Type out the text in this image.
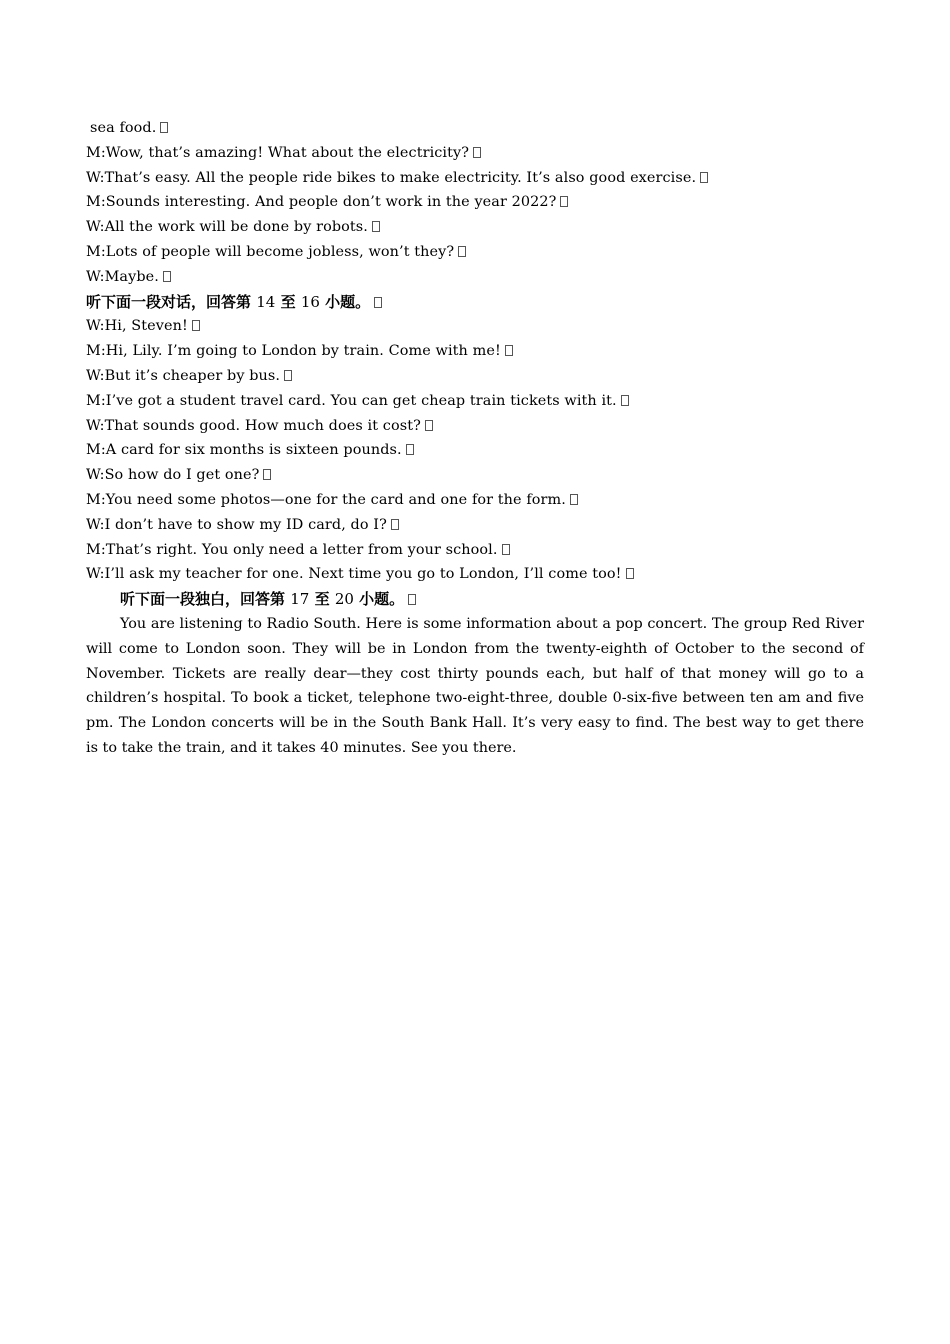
sea food.
M:Wow, that’s amazing! What about the electricity?
W:That’s easy. All the people ride bikes to make electricity. It’s also good exercise.
M:Sounds interesting. And people don’t work in the year 2022?
W:All the work will be done by robots.
M:Lots of people will become jobless, won’t they?
W:Maybe.
听下面一段对话，回答第 14 至 16 小题。
W:Hi, Steven!
M:Hi, Lily. I’m going to London by train. Come with me!
W:But it’s cheaper by bus.
M:I’ve got a student travel card. You can get cheap train tickets with it.
W:That sounds good. How much does it cost?
M:A card for six months is sixteen pounds.
W:So how do I get one?
M:You need some photos—one for the card and one for the form.
W:I don’t have to show my ID card, do I?
M:That’s right. You only need a letter from your school.
W:I’ll ask my teacher for one. Next time you go to London, I’ll come too!
听下面一段独白，回答第 17 至 20 小题。
You are listening to Radio South. Here is some information about a pop concert. The group Red River will come to London soon. They will be in London from the twenty-eighth of October to the second of November. Tickets are really dear—they cost thirty pounds each, but half of that money will go to a children’s hospital. To book a ticket, telephone two-eight-three, double 0-six-five between ten am and five pm. The London concerts will be in the South Bank Hall. It’s very easy to find. The best way to get there is to take the train, and it takes 40 minutes. See you there.
